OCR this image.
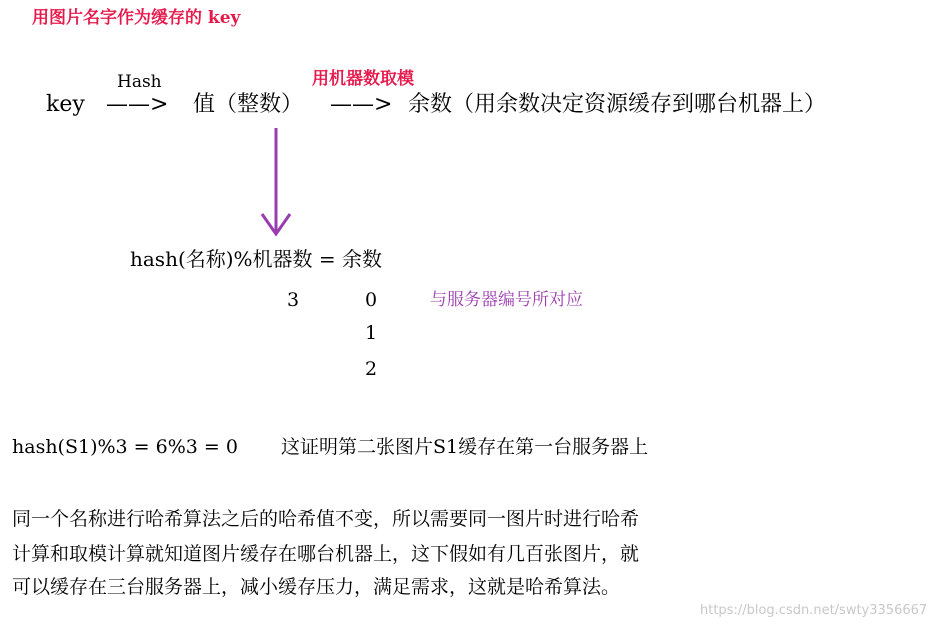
用图片名字作为缓存的 key
key
Hash
——> 值（整数）
用机器数取模
——> 余数（用余数决定资源缓存到哪台机器上）
hash(名称)%机器数 = 余数
3	0
1
2
与服务器编号所对应
hash(S1)%3 = 6%3 = 0 这证明第二张图片S1缓存在第一台服务器上
同一个名称进行哈希算法之后的哈希值不变，所以需要同一图片时进行哈希
计算和取模计算就知道图片缓存在哪台机器上，这下假如有几百张图片，就
可以缓存在三台服务器上，减小缓存压力，满足需求，这就是哈希算法。
https://blog.csdn.net/swty3356667
